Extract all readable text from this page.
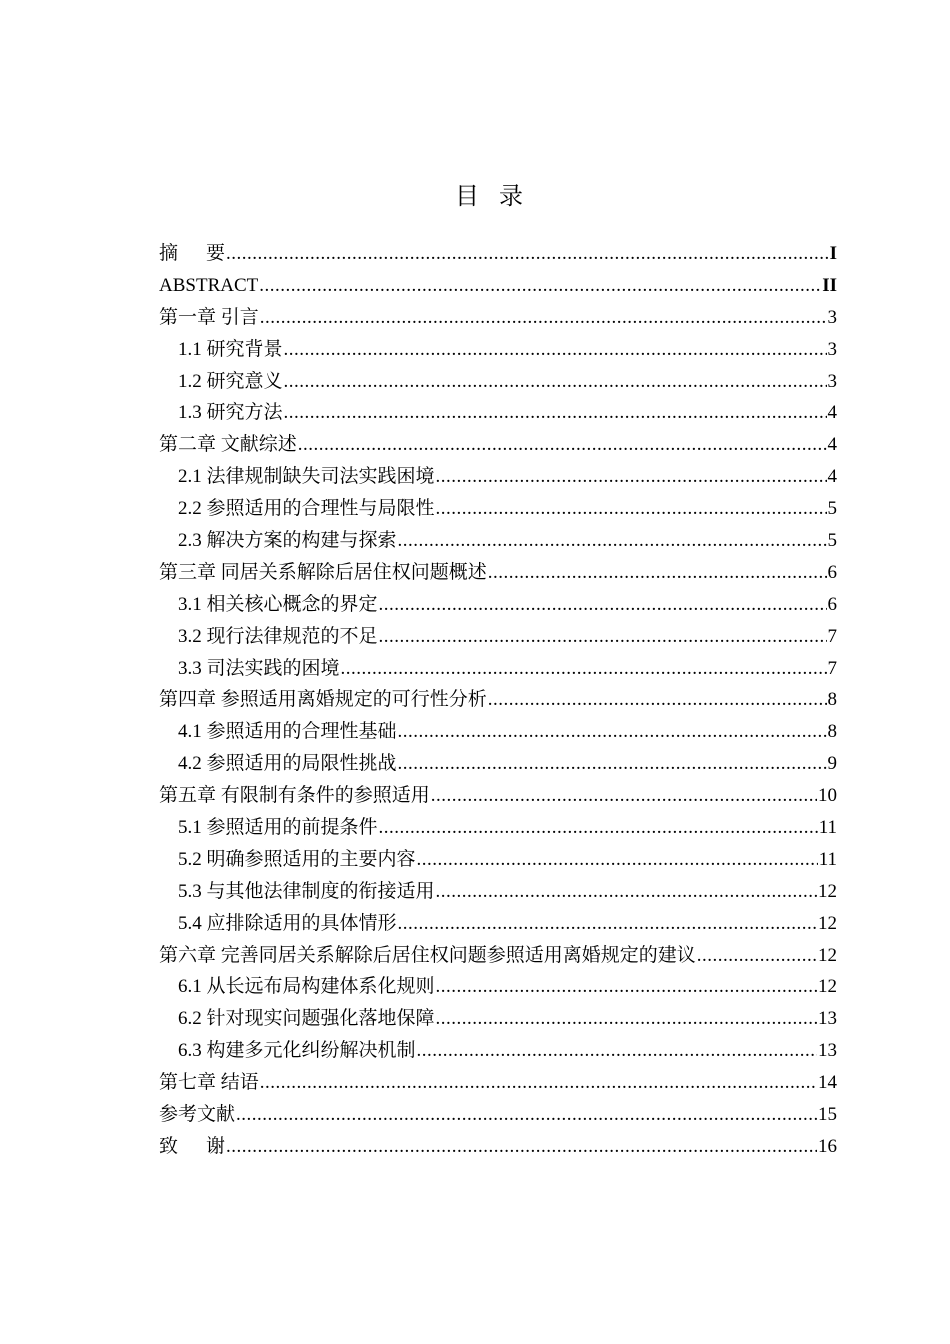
目录
摘要 .....	I
ABSTRACT .....	II
第一章 引言 .....	3
1.1 研究背景 .....	3
1.2 研究意义 .....	3
1.3 研究方法 .....	4
第二章 文献综述 .....	4
2.1 法律规制缺失司法实践困境 .....	4
2.2 参照适用的合理性与局限性 .....	5
2.3 解决方案的构建与探索 .....	5
第三章 同居关系解除后居住权问题概述 .....	6
3.1 相关核心概念的界定 .....	6
3.2 现行法律规范的不足 .....	7
3.3 司法实践的困境 .....	7
第四章 参照适用离婚规定的可行性分析 .....	8
4.1 参照适用的合理性基础 .....	8
4.2 参照适用的局限性挑战 .....	9
第五章 有限制有条件的参照适用 .....	10
5.1 参照适用的前提条件 .....	11
5.2 明确参照适用的主要内容 .....	11
5.3 与其他法律制度的衔接适用 .....	12
5.4 应排除适用的具体情形 .....	12
第六章 完善同居关系解除后居住权问题参照适用离婚规定的建议 .....	12
6.1 从长远布局构建体系化规则 .....	12
6.2 针对现实问题强化落地保障 .....	13
6.3 构建多元化纠纷解决机制 .....	13
第七章 结语 .....	14
参考文献 .....	15
致谢 .....	16
